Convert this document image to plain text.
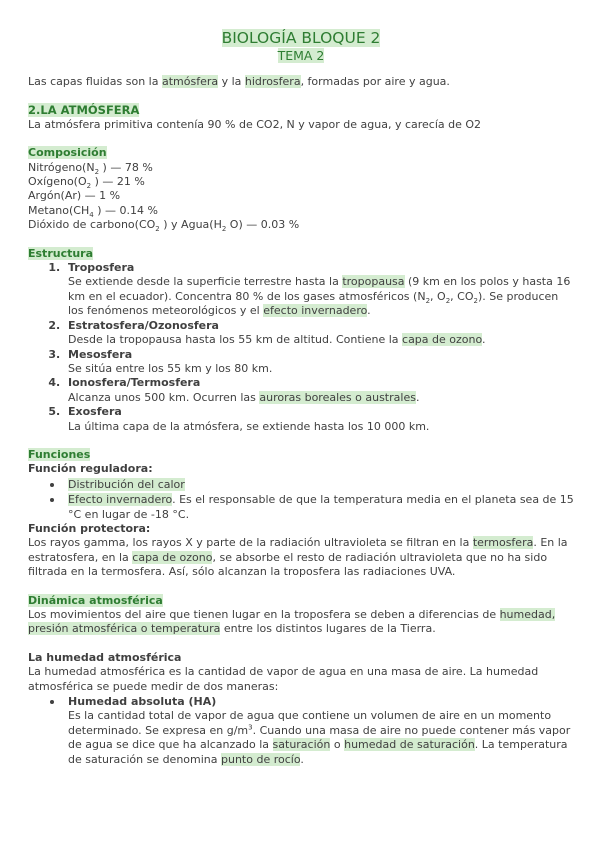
BIOLOGÍA BLOQUE 2
TEMA 2

Las capas fluidas son la atmósfera y la hidrosfera, formadas por aire y agua.

2.LA ATMÓSFERA

La atmósfera primitiva contenía 90 % de CO2, N y vapor de agua, y carecía de O2

Composición

$Nitrógeno(N_2$ ) — 78 %

$Oxígeno(O_2$ ) — 21 %

Argón(Ar) — 1 %

$Metano(CH_4$ ) — 0.14 %

Dióxido de $carbono(CO_2$ ) y $Agua(H_2$ O) — 0.03 %

Estructura
1. Troposfera
Se extiende desde la superficie terrestre hasta la tropopausa (9 km en los polos y hasta 16 km en el ecuador). Concentra 80 % de los gases atmosféricos ($N_2$, $O_2$, $CO_2$). Se producen los fenómenos meteorológicos y el efecto invernadero.
2. Estratosfera/Ozonosfera
Desde la tropopausa hasta los 55 km de altitud. Contiene la capa de ozono.
3. Mesosfera
Se sitúa entre los 55 km y los 80 km.
4. Ionosfera/Termosfera
Alcanza unos 500 km. Ocurren las auroras boreales o australes.
5. Exosfera
La última capa de la atmósfera, se extiende hasta los 10 000 km.
Funciones
Función reguladora:
• Distribución del calor
• Efecto invernadero. Es el responsable de que la temperatura media en el planeta sea de 15 °C en lugar de -18 °C.
Función protectora:

Los rayos gamma, los rayos X y parte de la radiación ultravioleta se filtran en la termosfera. En la estratosfera, en la capa de ozono, se absorbe el resto de radiación ultravioleta que no ha sido filtrada en la termosfera. Así, sólo alcanzan la troposfera las radiaciones UVA.

Dinámica atmosférica

Los movimientos del aire que tienen lugar en la troposfera se deben a diferencias de humedad, presión atmosférica o temperatura entre los distintos lugares de la Tierra.

La humedad atmosférica

La humedad atmosférica es la cantidad de vapor de agua en una masa de aire. La humedad atmosférica se puede medir de dos maneras:

• Humedad absoluta (HA)
Es la cantidad total de vapor de agua que contiene un volumen de aire en un momento determinado. Se expresa en $g/m^3$. Cuando una masa de aire no puede contener más vapor de agua se dice que ha alcanzado la saturación o humedad de saturación. La temperatura de saturación se denomina punto de rocío.
